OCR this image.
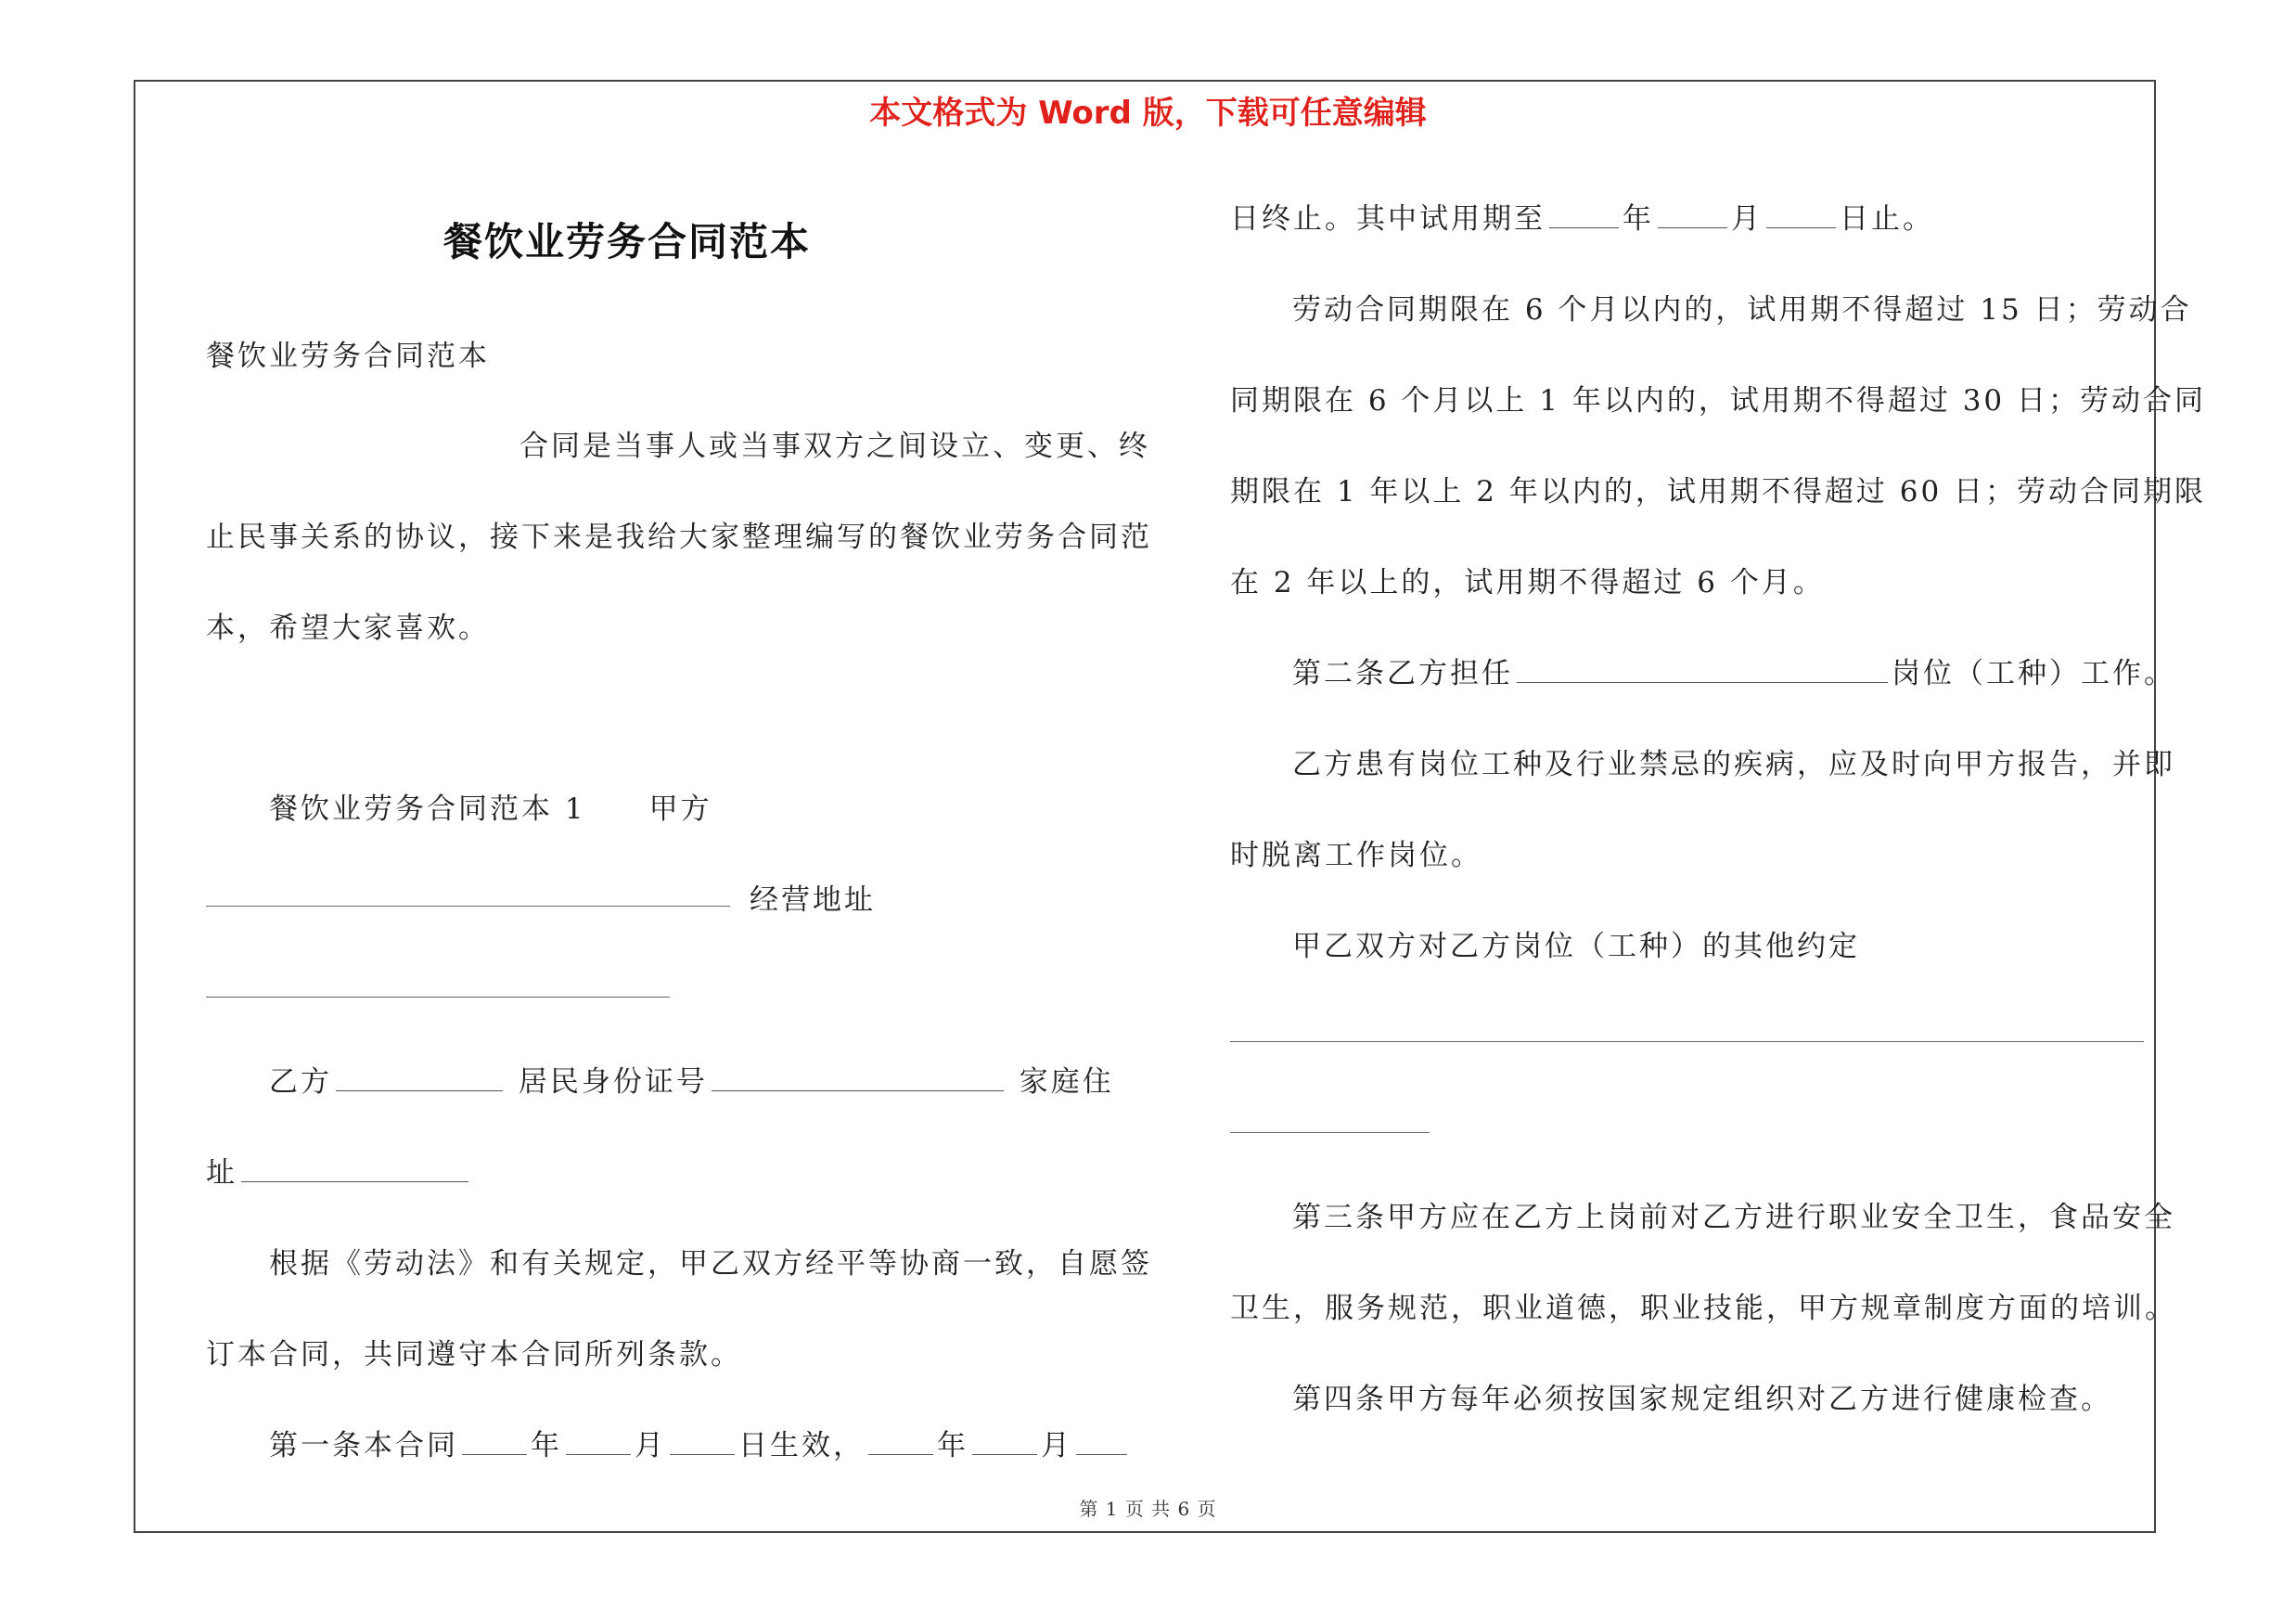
本文格式为 Word 版，下载可任意编辑
餐饮业劳务合同范本
餐饮业劳务合同范本
合同是当事人或当事双方之间设立、变更、终
止民事关系的协议，接下来是我给大家整理编写的餐饮业劳务合同范
本，希望大家喜欢。
餐饮业劳务合同范本 1　　甲方
经营地址
乙方	居民身份证号	家庭住
址
根据《劳动法》和有关规定，甲乙双方经平等协商一致，自愿签
订本合同，共同遵守本合同所列条款。
第一条本合同	年	月	日生效，	年	月
日终止。其中试用期至	年	月	日止。
劳动合同期限在 6 个月以内的，试用期不得超过 15 日；劳动合
同期限在 6 个月以上 1 年以内的，试用期不得超过 30 日；劳动合同
期限在 1 年以上 2 年以内的，试用期不得超过 60 日；劳动合同期限
在 2 年以上的，试用期不得超过 6 个月。
第二条乙方担任	岗位（工种）工作。
乙方患有岗位工种及行业禁忌的疾病，应及时向甲方报告，并即
时脱离工作岗位。
甲乙双方对乙方岗位（工种）的其他约定
第三条甲方应在乙方上岗前对乙方进行职业安全卫生，食品安全
卫生，服务规范，职业道德，职业技能，甲方规章制度方面的培训。
第四条甲方每年必须按国家规定组织对乙方进行健康检查。
第 1 页 共 6 页
